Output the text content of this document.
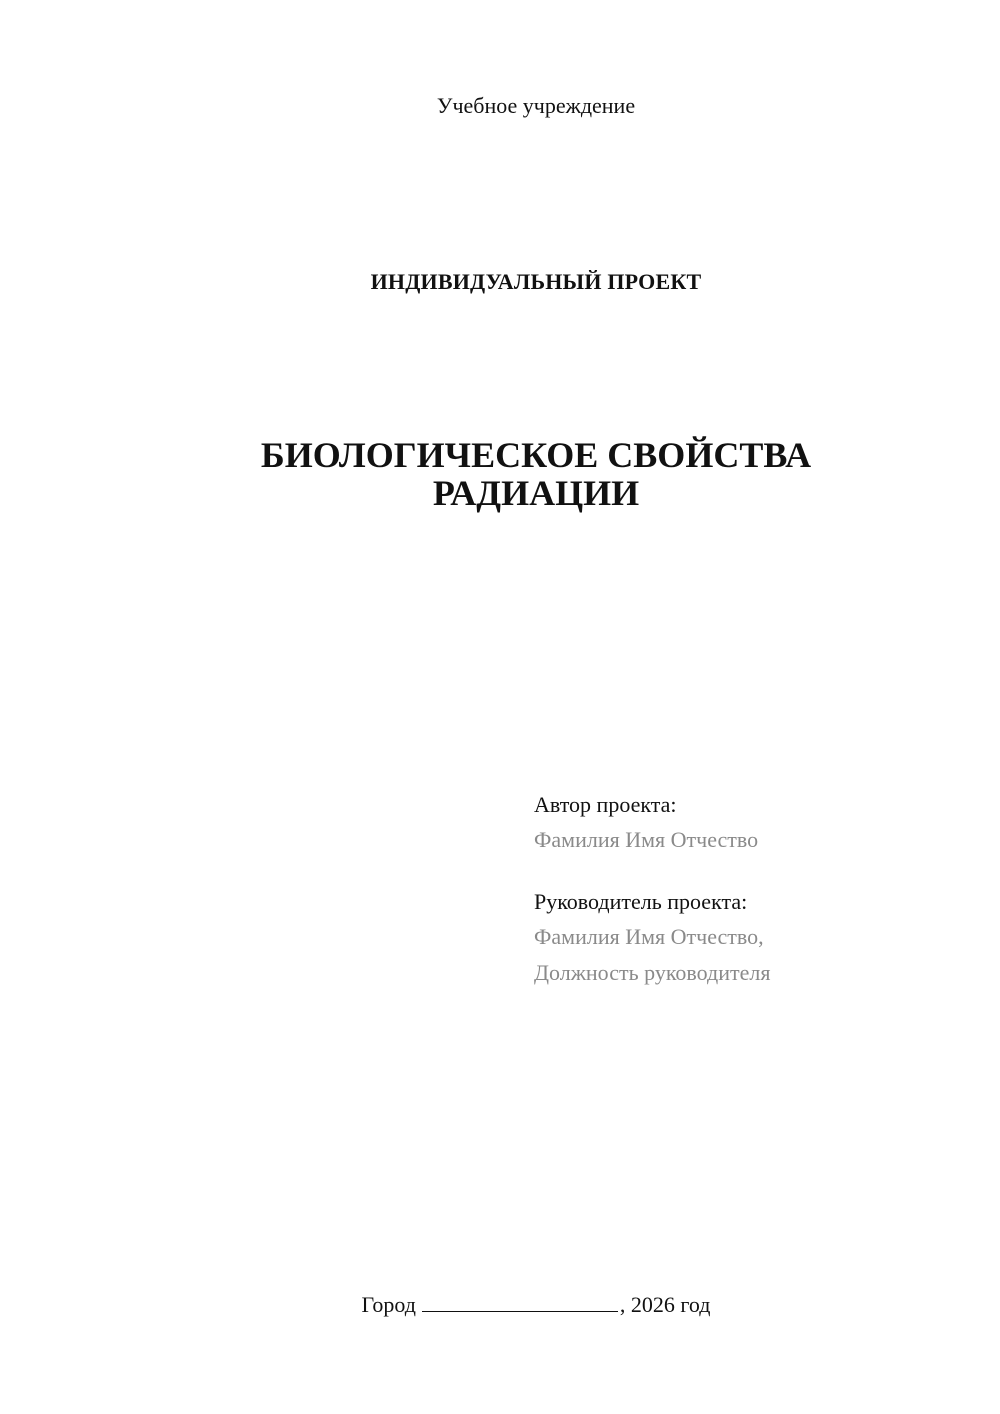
Учебное учреждение
ИНДИВИДУАЛЬНЫЙ ПРОЕКТ
БИОЛОГИЧЕСКОЕ СВОЙСТВА
РАДИАЦИИ
Автор проекта:
Фамилия Имя Отчество
Руководитель проекта:
Фамилия Имя Отчество,
Должность руководителя
Город	, 2026 год
